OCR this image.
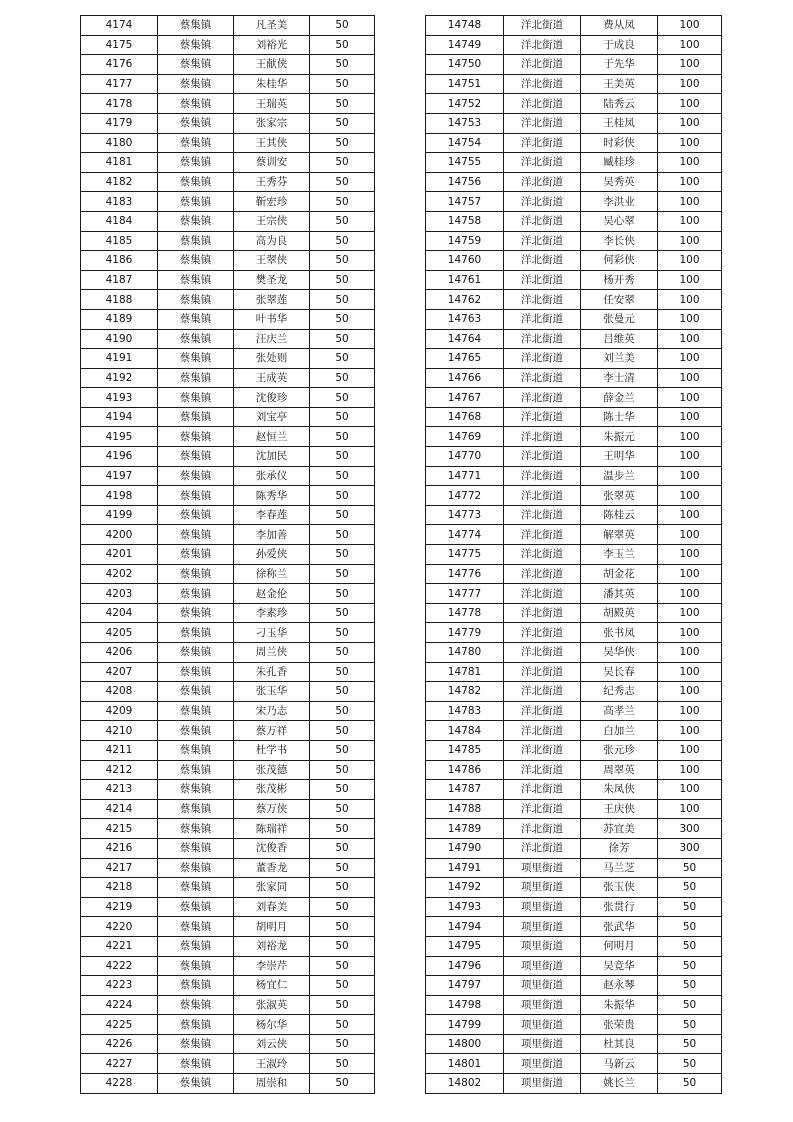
4174	蔡集镇	凡圣美	50
4175	蔡集镇	刘裕光	50
4176	蔡集镇	王献侠	50
4177	蔡集镇	朱桂华	50
4178	蔡集镇	王瑞英	50
4179	蔡集镇	张家宗	50
4180	蔡集镇	王其侠	50
4181	蔡集镇	蔡训安	50
4182	蔡集镇	王秀芬	50
4183	蔡集镇	靳宏珍	50
4184	蔡集镇	王宗侠	50
4185	蔡集镇	高为良	50
4186	蔡集镇	王翠侠	50
4187	蔡集镇	樊圣龙	50
4188	蔡集镇	张翠莲	50
4189	蔡集镇	叶书华	50
4190	蔡集镇	汪庆兰	50
4191	蔡集镇	张处则	50
4192	蔡集镇	王成英	50
4193	蔡集镇	沈俊珍	50
4194	蔡集镇	刘宝亭	50
4195	蔡集镇	赵恒兰	50
4196	蔡集镇	沈加民	50
4197	蔡集镇	张承仪	50
4198	蔡集镇	陈秀华	50
4199	蔡集镇	李春莲	50
4200	蔡集镇	李加善	50
4201	蔡集镇	孙爱侠	50
4202	蔡集镇	徐称兰	50
4203	蔡集镇	赵金伦	50
4204	蔡集镇	李素珍	50
4205	蔡集镇	刁玉华	50
4206	蔡集镇	周兰侠	50
4207	蔡集镇	朱孔香	50
4208	蔡集镇	张玉华	50
4209	蔡集镇	宋乃志	50
4210	蔡集镇	蔡万祥	50
4211	蔡集镇	杜学书	50
4212	蔡集镇	张茂德	50
4213	蔡集镇	张茂彬	50
4214	蔡集镇	蔡万侠	50
4215	蔡集镇	陈瑞祥	50
4216	蔡集镇	沈俊香	50
4217	蔡集镇	董香龙	50
4218	蔡集镇	张家同	50
4219	蔡集镇	刘春美	50
4220	蔡集镇	胡明月	50
4221	蔡集镇	刘裕龙	50
4222	蔡集镇	李崇芹	50
4223	蔡集镇	杨宜仁	50
4224	蔡集镇	张淑英	50
4225	蔡集镇	杨尔华	50
4226	蔡集镇	刘云侠	50
4227	蔡集镇	王淑玲	50
4228	蔡集镇	周崇和	50
14748	洋北街道	费从凤	100
14749	洋北街道	于成良	100
14750	洋北街道	于先华	100
14751	洋北街道	王美英	100
14752	洋北街道	陆秀云	100
14753	洋北街道	王桂凤	100
14754	洋北街道	时彩侠	100
14755	洋北街道	臧桂珍	100
14756	洋北街道	吴秀英	100
14757	洋北街道	李洪业	100
14758	洋北街道	吴心翠	100
14759	洋北街道	李长侠	100
14760	洋北街道	何彩侠	100
14761	洋北街道	杨开秀	100
14762	洋北街道	任安翠	100
14763	洋北街道	张曼元	100
14764	洋北街道	吕维英	100
14765	洋北街道	刘兰美	100
14766	洋北街道	李士清	100
14767	洋北街道	薛金兰	100
14768	洋北街道	陈士华	100
14769	洋北街道	朱振元	100
14770	洋北街道	王明华	100
14771	洋北街道	温步兰	100
14772	洋北街道	张翠英	100
14773	洋北街道	陈桂云	100
14774	洋北街道	解翠英	100
14775	洋北街道	李玉兰	100
14776	洋北街道	胡金花	100
14777	洋北街道	潘其英	100
14778	洋北街道	胡殿英	100
14779	洋北街道	张书凤	100
14780	洋北街道	吴华侠	100
14781	洋北街道	吴长春	100
14782	洋北街道	纪秀志	100
14783	洋北街道	高孝兰	100
14784	洋北街道	白加兰	100
14785	洋北街道	张元珍	100
14786	洋北街道	周翠英	100
14787	洋北街道	朱凤侠	100
14788	洋北街道	王庆侠	100
14789	洋北街道	苏宜美	300
14790	洋北街道	徐芳	300
14791	项里街道	马兰芝	50
14792	项里街道	张玉侠	50
14793	项里街道	张贯行	50
14794	项里街道	张武华	50
14795	项里街道	何明月	50
14796	项里街道	吴竞华	50
14797	项里街道	赵永琴	50
14798	项里街道	朱振华	50
14799	项里街道	张荣贵	50
14800	项里街道	杜其良	50
14801	项里街道	马新云	50
14802	项里街道	姚长兰	50
